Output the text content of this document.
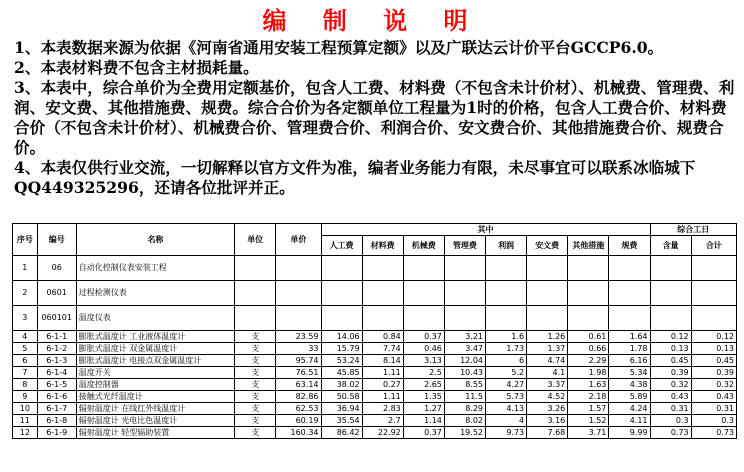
编 制 说 明

1、本表数据来源为依据《河南省通用安装工程预算定额》以及广联达云计价平台GCCP6.0。

2、本表材料费不包含主材损耗量。

3、本表中，综合单价为全费用定额基价，包含人工费、材料费（不包含未计价材）、机械费、管理费、利润、安文费、其他措施费、规费。综合合价为各定额单位工程量为1时的价格，包含人工费合价、材料费合价（不包含未计价材）、机械费合价、管理费合价、利润合价、安文费合价、其他措施费合价、规费合价。

4、本表仅供行业交流，一切解释以官方文件为准，编者业务能力有限，未尽事宜可以联系冰临城下QQ449325296，还请各位批评并正。

序号	编号	名称	单位	单价	其中								综合工日	
					人工费	材料费	机械费	管理费	利润	安文费	其他措施	规费	含量	合计
1	06	自动化控制仪表安装工程												
2	0601	过程检测仪表												
3	060101	温度仪表												
4	6-1-1	膨胀式温度计 工业液体温度计	支	23.59	14.06	0.84	0.37	3.21	1.6	1.26	0.61	1.64	0.12	0.12
5	6-1-2	膨胀式温度计 双金属温度计	支	33	15.79	7.74	0.46	3.47	1.73	1.37	0.66	1.78	0.13	0.13
6	6-1-3	膨胀式温度计 电接点双金属温度计	支	95.74	53.24	8.14	3.13	12.04	6	4.74	2.29	6.16	0.45	0.45
7	6-1-4	温度开关	支	76.51	45.85	1.11	2.5	10.43	5.2	4.1	1.98	5.34	0.39	0.39
8	6-1-5	温度控制器	支	63.14	38.02	0.27	2.65	8.55	4.27	3.37	1.63	4.38	0.32	0.32
9	6-1-6	接触式光纤温度计	支	82.86	50.58	1.11	1.35	11.5	5.73	4.52	2.18	5.89	0.43	0.43
10	6-1-7	辐射温度计 在线红外线温度计	支	62.53	36.94	2.83	1.27	8.29	4.13	3.26	1.57	4.24	0.31	0.31
11	6-1-8	辐射温度计 光电比色温度计	支	60.19	35.54	2.7	1.14	8.02	4	3.16	1.52	4.11	0.3	0.3
12	6-1-9	辐射温度计 轻型辐助装置	支	160.34	86.42	22.92	0.37	19.52	9.73	7.68	3.71	9.99	0.73	0.73
